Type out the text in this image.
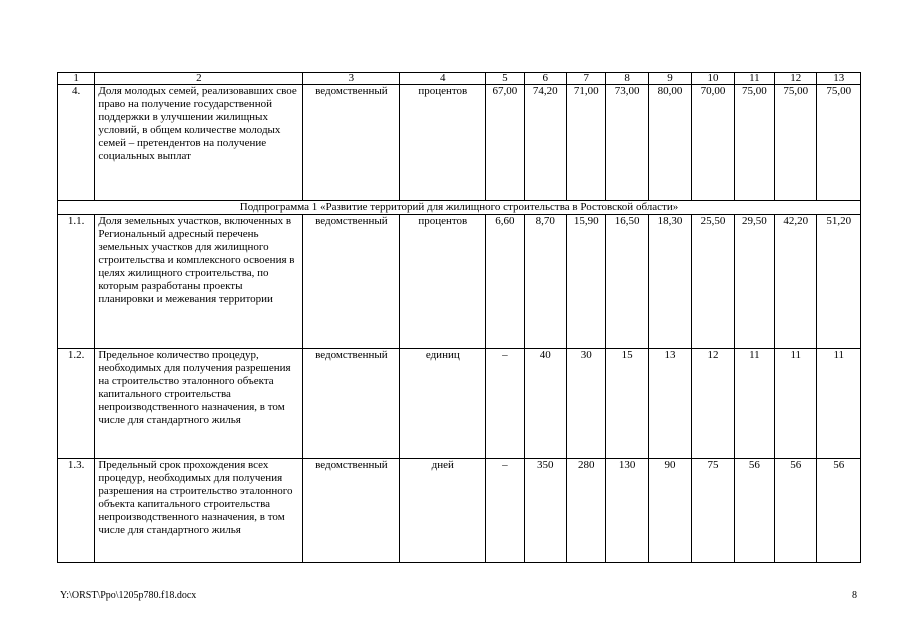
1	2	3	4	5	6	7	8	9	10	11	12	13
4.	Доля молодых семей, реализовавших свое право на получение государственной поддержки в улучшении жилищных условий, в общем количестве молодых семей – претендентов на получение социальных выплат	ведомственный	процентов	67,00	74,20	71,00	73,00	80,00	70,00	75,00	75,00	75,00
Подпрограмма 1 «Развитие территорий для жилищного строительства в Ростовской области»												
1.1.	Доля земельных участков, включенных в Региональный адресный перечень земельных участков для жилищного строительства и комплексного освоения в целях жилищного строительства, по которым разработаны проекты планировки и межевания территории	ведомственный	процентов	6,60	8,70	15,90	16,50	18,30	25,50	29,50	42,20	51,20
1.2.	Предельное количество процедур, необходимых для получения разрешения на строительство эталонного объекта капитального строительства непроизводственного назначения, в том числе для стандартного жилья	ведомственный	единиц	–	40	30	15	13	12	11	11	11
1.3.	Предельный срок прохождения всех процедур, необходимых для получения разрешения на строительство эталонного объекта капитального строительства непроизводственного назначения, в том числе для стандартного жилья	ведомственный	дней	–	350	280	130	90	75	56	56	56
Y:\ORST\Ppo\1205p780.f18.docx	8
